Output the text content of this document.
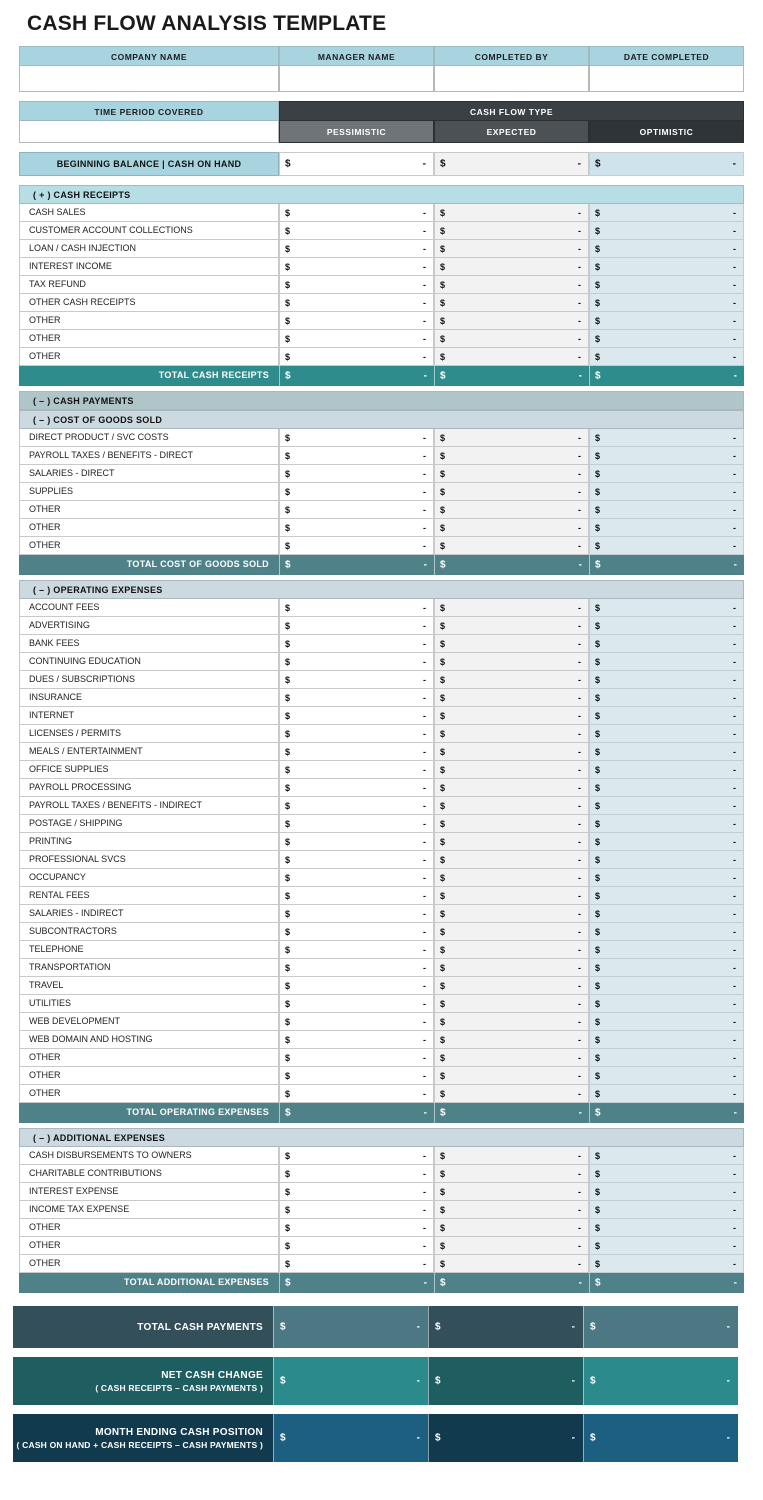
CASH FLOW ANALYSIS TEMPLATE
COMPANY NAME	MANAGER NAME	COMPLETED BY	DATE COMPLETED
TIME PERIOD COVERED	CASH FLOW TYPE
PESSIMISTIC	EXPECTED	OPTIMISTIC
BEGINNING BALANCE | CASH ON HAND	$	- $	- $	-
( + ) CASH RECEIPTS
CASH SALES	$	- $	- $	-
CUSTOMER ACCOUNT COLLECTIONS	$	- $	- $	-
LOAN / CASH INJECTION	$	- $	- $	-
INTEREST INCOME	$	- $	- $	-
TAX REFUND	$	- $	- $	-
OTHER CASH RECEIPTS	$	- $	- $	-
OTHER	$	- $	- $	-
OTHER	$	- $	- $	-
OTHER	$	- $	- $	-
TOTAL CASH RECEIPTS	$	- $	- $	-
( – ) CASH PAYMENTS
( – ) COST OF GOODS SOLD
DIRECT PRODUCT / SVC COSTS	$	- $	- $	-
PAYROLL TAXES / BENEFITS - DIRECT	$	- $	- $	-
SALARIES - DIRECT	$	- $	- $	-
SUPPLIES	$	- $	- $	-
OTHER	$	- $	- $	-
OTHER	$	- $	- $	-
OTHER	$	- $	- $	-
TOTAL COST OF GOODS SOLD	$	- $	- $	-
( – ) OPERATING EXPENSES
ACCOUNT FEES	$	- $	- $	-
ADVERTISING	$	- $	- $	-
BANK FEES	$	- $	- $	-
CONTINUING EDUCATION	$	- $	- $	-
DUES / SUBSCRIPTIONS	$	- $	- $	-
INSURANCE	$	- $	- $	-
INTERNET	$	- $	- $	-
LICENSES / PERMITS	$	- $	- $	-
MEALS / ENTERTAINMENT	$	- $	- $	-
OFFICE SUPPLIES	$	- $	- $	-
PAYROLL PROCESSING	$	- $	- $	-
PAYROLL TAXES / BENEFITS - INDIRECT	$	- $	- $	-
POSTAGE / SHIPPING	$	- $	- $	-
PRINTING	$	- $	- $	-
PROFESSIONAL SVCS	$	- $	- $	-
OCCUPANCY	$	- $	- $	-
RENTAL FEES	$	- $	- $	-
SALARIES - INDIRECT	$	- $	- $	-
SUBCONTRACTORS	$	- $	- $	-
TELEPHONE	$	- $	- $	-
TRANSPORTATION	$	- $	- $	-
TRAVEL	$	- $	- $	-
UTILITIES	$	- $	- $	-
WEB DEVELOPMENT	$	- $	- $	-
WEB DOMAIN AND HOSTING	$	- $	- $	-
OTHER	$	- $	- $	-
OTHER	$	- $	- $	-
OTHER	$	- $	- $	-
TOTAL OPERATING EXPENSES	$	- $	- $	-
( – ) ADDITIONAL EXPENSES
CASH DISBURSEMENTS TO OWNERS	$	- $	- $	-
CHARITABLE CONTRIBUTIONS	$	- $	- $	-
INTEREST EXPENSE	$	- $	- $	-
INCOME TAX EXPENSE	$	- $	- $	-
OTHER	$	- $	- $	-
OTHER	$	- $	- $	-
OTHER	$	- $	- $	-
TOTAL ADDITIONAL EXPENSES	$	- $	- $	-
TOTAL CASH PAYMENTS $	- $	- $	-
NET CASH CHANGE
( CASH RECEIPTS – CASH PAYMENTS )
$	- $	- $	-
MONTH ENDING CASH POSITION
( CASH ON HAND + CASH RECEIPTS – CASH PAYMENTS )
$	- $	- $	-
